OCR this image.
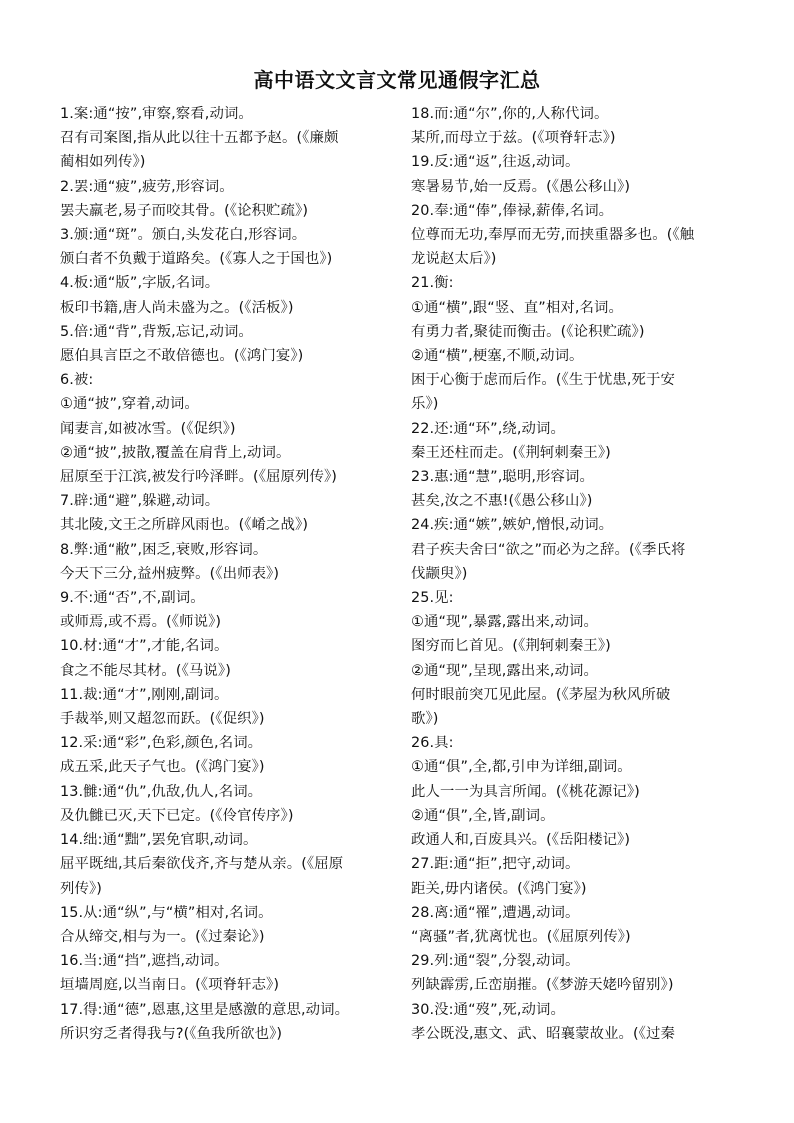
高中语文文言文常见通假字汇总
1.案:通“按”,审察,察看,动词。
召有司案图,指从此以往十五都予赵。(《廉颇
蔺相如列传》)
2.罢:通“疲”,疲劳,形容词。
罢夫羸老,易子而咬其骨。(《论积贮疏》)
3.颁:通“斑”。颁白,头发花白,形容词。
颁白者不负戴于道路矣。(《寡人之于国也》)
4.板:通“版”,字版,名词。
板印书籍,唐人尚未盛为之。(《活板》)
5.倍:通“背”,背叛,忘记,动词。
愿伯具言臣之不敢倍德也。(《鸿门宴》)
6.被:
①通“披”,穿着,动词。
闻妻言,如被冰雪。(《促织》)
②通“披”,披散,覆盖在肩背上,动词。
屈原至于江滨,被发行吟泽畔。(《屈原列传》)
7.辟:通“避”,躲避,动词。
其北陵,文王之所辟风雨也。(《崤之战》)
8.弊:通“敝”,困乏,衰败,形容词。
今天下三分,益州疲弊。(《出师表》)
9.不:通“否”,不,副词。
或师焉,或不焉。(《师说》)
10.材:通“才”,才能,名词。
食之不能尽其材。(《马说》)
11.裁:通“才”,刚刚,副词。
手裁举,则又超忽而跃。(《促织》)
12.采:通“彩”,色彩,颜色,名词。
成五采,此天子气也。(《鸿门宴》)
13.雠:通“仇”,仇敌,仇人,名词。
及仇雠已灭,天下已定。(《伶官传序》)
14.绌:通“黜”,罢免官职,动词。
屈平既绌,其后秦欲伐齐,齐与楚从亲。(《屈原
列传》)
15.从:通“纵”,与“横”相对,名词。
合从缔交,相与为一。(《过秦论》)
16.当:通“挡”,遮挡,动词。
垣墙周庭,以当南日。(《项脊轩志》)
17.得:通“德”,恩惠,这里是感激的意思,动词。
所识穷乏者得我与?(《鱼我所欲也》)
18.而:通“尔”,你的,人称代词。
某所,而母立于兹。(《项脊轩志》)
19.反:通“返”,往返,动词。
寒暑易节,始一反焉。(《愚公移山》)
20.奉:通“俸”,俸禄,薪俸,名词。
位尊而无功,奉厚而无劳,而挟重器多也。(《触
龙说赵太后》)
21.衡:
①通“横”,跟“竖、直”相对,名词。
有勇力者,聚徒而衡击。(《论积贮疏》)
②通“横”,梗塞,不顺,动词。
困于心衡于虑而后作。(《生于忧患,死于安
乐》)
22.还:通“环”,绕,动词。
秦王还柱而走。(《荆轲刺秦王》)
23.惠:通“慧”,聪明,形容词。
甚矣,汝之不惠!(《愚公移山》)
24.疾:通“嫉”,嫉妒,憎恨,动词。
君子疾夫舍曰“欲之”而必为之辞。(《季氏将
伐颛臾》)
25.见:
①通“现”,暴露,露出来,动词。
图穷而匕首见。(《荆轲刺秦王》)
②通“现”,呈现,露出来,动词。
何时眼前突兀见此屋。(《茅屋为秋风所破
歌》)
26.具:
①通“俱”,全,都,引申为详细,副词。
此人一一为具言所闻。(《桃花源记》)
②通“俱”,全,皆,副词。
政通人和,百废具兴。(《岳阳楼记》)
27.距:通“拒”,把守,动词。
距关,毋内诸侯。(《鸿门宴》)
28.离:通“罹”,遭遇,动词。
“离骚”者,犹离忧也。(《屈原列传》)
29.列:通“裂”,分裂,动词。
列缺霹雳,丘峦崩摧。(《梦游天姥吟留别》)
30.没:通“歿”,死,动词。
孝公既没,惠文、武、昭襄蒙故业。(《过秦
